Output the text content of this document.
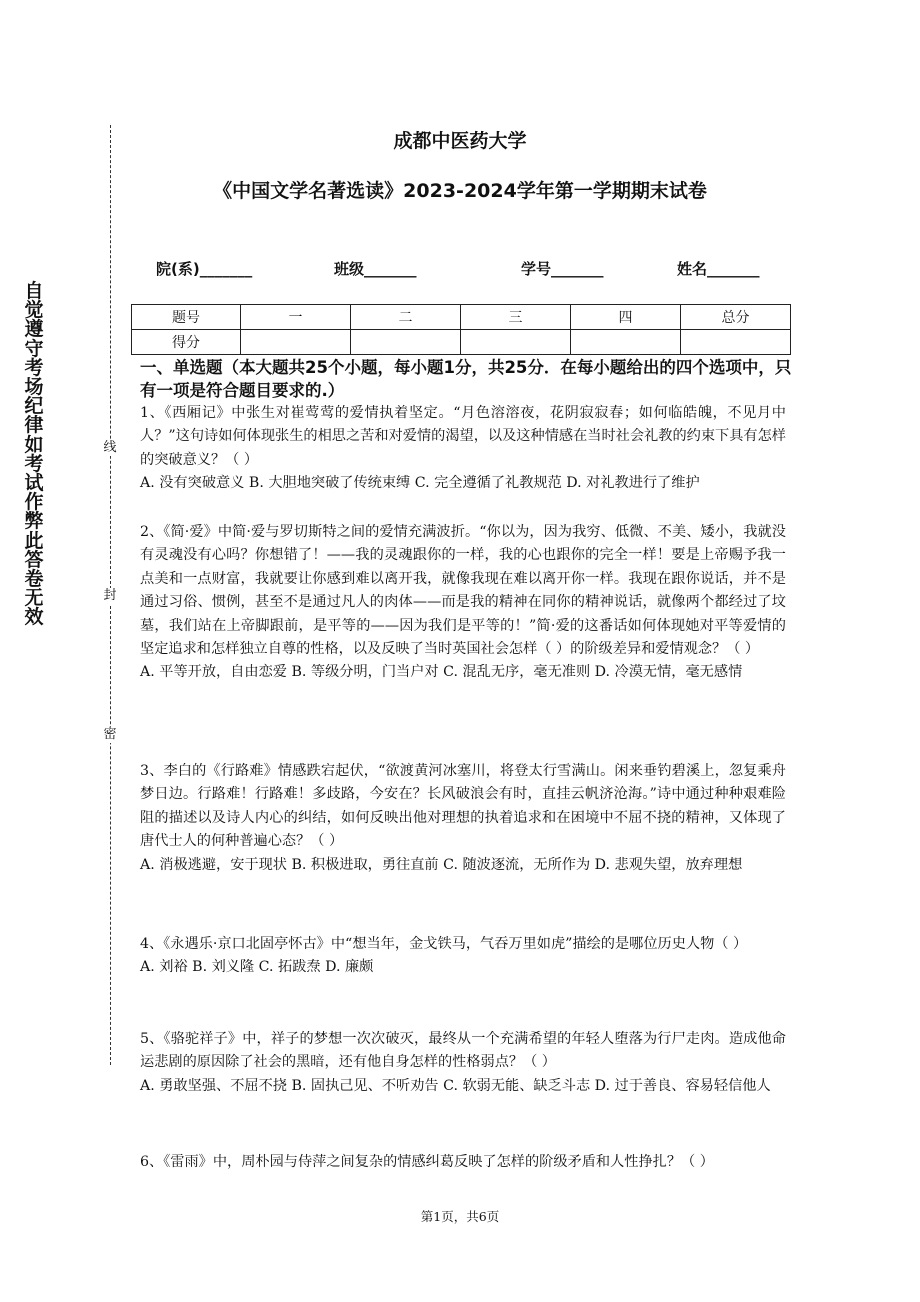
自觉遵守考场纪律如考试作弊此答卷无效
线
封
密
成都中医药大学
《中国文学名著选读》2023-2024学年第一学期期末试卷
院(系)_______	班级_______	学号_______	姓名_______
题号	一	二	三	四	总分
得分					
一、单选题（本大题共25个小题，每小题1分，共25分．在每小题给出的四个选项中，只有一项是符合题目要求的.）

1、《西厢记》中张生对崔莺莺的爱情执着坚定。“月色溶溶夜，花阴寂寂春；如何临皓魄，不见月中人？”这句诗如何体现张生的相思之苦和对爱情的渴望，以及这种情感在当时社会礼教的约束下具有怎样的突破意义？（ ）

A. 没有突破意义 B. 大胆地突破了传统束缚 C. 完全遵循了礼教规范 D. 对礼教进行了维护

2、《简·爱》中简·爱与罗切斯特之间的爱情充满波折。“你以为，因为我穷、低微、不美、矮小，我就没有灵魂没有心吗？你想错了！——我的灵魂跟你的一样，我的心也跟你的完全一样！要是上帝赐予我一点美和一点财富，我就要让你感到难以离开我，就像我现在难以离开你一样。我现在跟你说话，并不是通过习俗、惯例，甚至不是通过凡人的肉体——而是我的精神在同你的精神说话，就像两个都经过了坟墓，我们站在上帝脚跟前，是平等的——因为我们是平等的！”简·爱的这番话如何体现她对平等爱情的坚定追求和怎样独立自尊的性格，以及反映了当时英国社会怎样（ ）的阶级差异和爱情观念？（ ）

A. 平等开放，自由恋爱 B. 等级分明，门当户对 C. 混乱无序，毫无准则 D. 冷漠无情，毫无感情

3、李白的《行路难》情感跌宕起伏，“欲渡黄河冰塞川，将登太行雪满山。闲来垂钓碧溪上，忽复乘舟梦日边。行路难！行路难！多歧路，今安在？长风破浪会有时，直挂云帆济沧海。”诗中通过种种艰难险阻的描述以及诗人内心的纠结，如何反映出他对理想的执着追求和在困境中不屈不挠的精神，又体现了唐代士人的何种普遍心态？（ ）

A. 消极逃避，安于现状 B. 积极进取，勇往直前 C. 随波逐流，无所作为 D. 悲观失望，放弃理想

4、《永遇乐·京口北固亭怀古》中“想当年，金戈铁马，气吞万里如虎”描绘的是哪位历史人物（ ）

A. 刘裕 B. 刘义隆 C. 拓跋焘 D. 廉颇

5、《骆驼祥子》中，祥子的梦想一次次破灭，最终从一个充满希望的年轻人堕落为行尸走肉。造成他命运悲剧的原因除了社会的黑暗，还有他自身怎样的性格弱点？（ ）

A. 勇敢坚强、不屈不挠 B. 固执己见、不听劝告 C. 软弱无能、缺乏斗志 D. 过于善良、容易轻信他人

6、《雷雨》中，周朴园与侍萍之间复杂的情感纠葛反映了怎样的阶级矛盾和人性挣扎？（ ）

第1页，共6页
